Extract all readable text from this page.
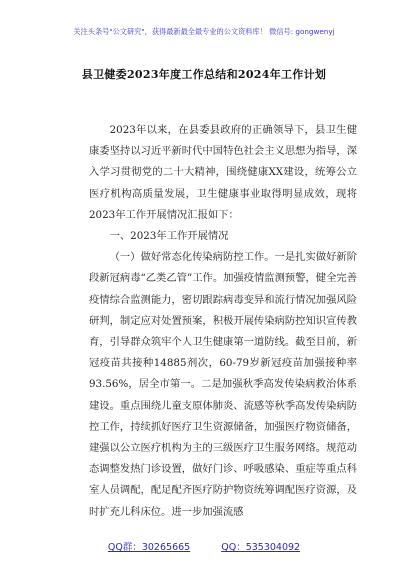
关注头条号"公文研究"，获得最新最全最专业的公文资料库！ 微信号: gongwenyj
县卫健委2023年度工作总结和2024年工作计划

2023年以来，在县委县政府的正确领导下，县卫生健康委坚持以习近平新时代中国特色社会主义思想为指导，深入学习贯彻党的二十大精神，围绕健康XX建设，统筹公立医疗机构高质量发展，卫生健康事业取得明显成效，现将2023年工作开展情况汇报如下：

一、2023年工作开展情况

（一）做好常态化传染病防控工作。一是扎实做好新阶段新冠病毒“乙类乙管”工作。加强疫情监测预警，健全完善疫情综合监测能力，密切跟踪病毒变异和流行情况加强风险研判，制定应对处置预案，积极开展传染病防控知识宣传教育，引导群众筑牢个人卫生健康第一道防线。截至目前，新冠疫苗共接种14885剂次，60-79岁新冠疫苗加强接种率93.56%，居全市第一。二是加强秋季高发传染病救治体系建设。重点围绕儿童支原体肺炎、流感等秋季高发传染病防控工作，持续抓好医疗卫生资源储备，加强医疗物资储备，建强以公立医疗机构为主的三级医疗卫生服务网络。规范动态调整发热门诊设置，做好门诊、呼吸感染、重症等重点科室人员调配，配足配齐医疗防护物资统筹调配医疗资源，及时扩充儿科床位。进一步加强流感

QQ群：30265665	QQ：535304092
